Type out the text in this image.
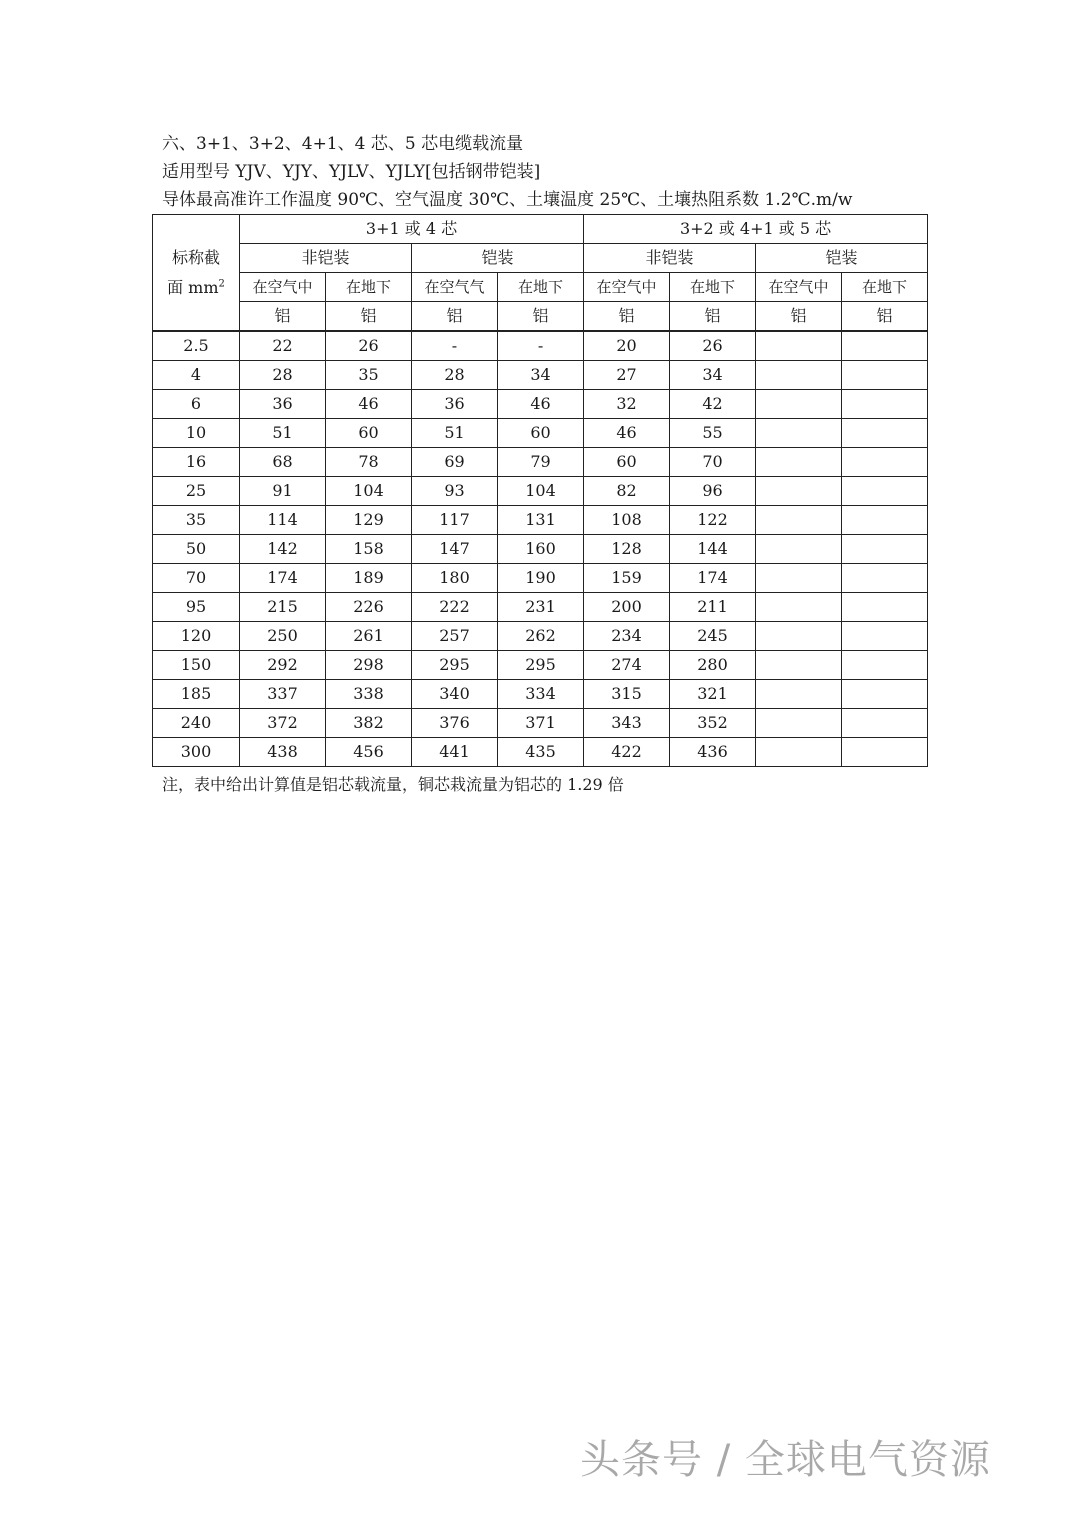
六、3+1、3+2、4+1、4 芯、5 芯电缆载流量
适用型号 YJV、YJY、YJLV、YJLY[包括钢带铠装]
导体最高准许工作温度 90℃、空气温度 30℃、土壤温度 25℃、土壤热阻系数 1.2℃.m/w
标称截
面 $mm^2$	3+1 或 4 芯				3+2 或 4+1 或 5 芯			
	非铠装		铠装		非铠装		铠装	
	在空气中	在地下	在空气气	在地下	在空气中	在地下	在空气中	在地下
	铝	铝	铝	铝	铝	铝	铝	铝
2.5	22	26	-	-	20	26		
4	28	35	28	34	27	34		
6	36	46	36	46	32	42		
10	51	60	51	60	46	55		
16	68	78	69	79	60	70		
25	91	104	93	104	82	96		
35	114	129	117	131	108	122		
50	142	158	147	160	128	144		
70	174	189	180	190	159	174		
95	215	226	222	231	200	211		
120	250	261	257	262	234	245		
150	292	298	295	295	274	280		
185	337	338	340	334	315	321		
240	372	382	376	371	343	352		
300	438	456	441	435	422	436		
注，表中给出计算值是铝芯载流量，铜芯栽流量为铝芯的 1.29 倍
头条号 / 全球电气资源
